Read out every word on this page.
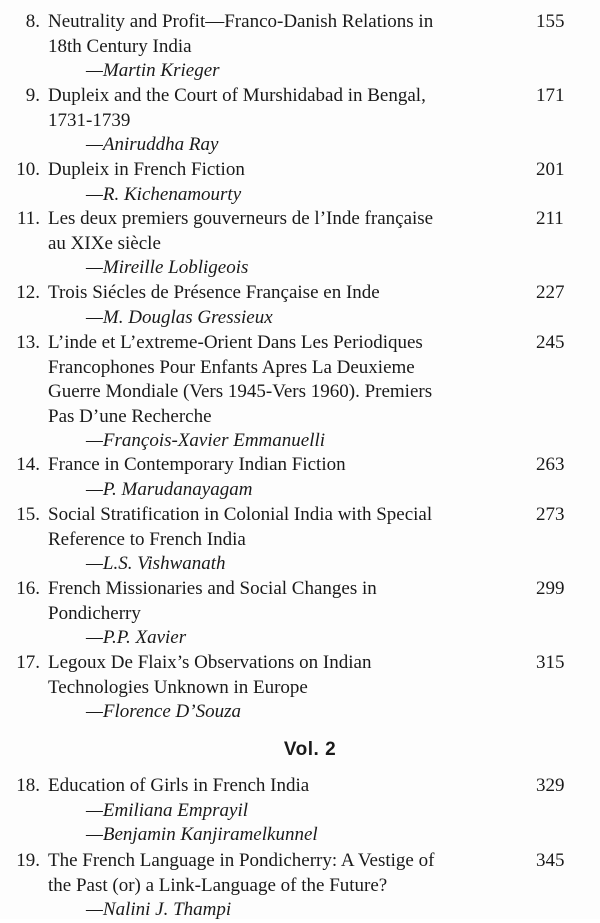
8. Neutrality and Profit—Franco-Danish Relations in
18th Century India
—Martin Krieger
155
9. Dupleix and the Court of Murshidabad in Bengal,
1731-1739
—Aniruddha Ray
171
10. Dupleix in French Fiction
—R. Kichenamourty
201
11. Les deux premiers gouverneurs de l’Inde française
au XIXe siècle
—Mireille Lobligeois
211
12. Trois Siécles de Présence Française en Inde
—M. Douglas Gressieux
227
13. L’inde et L’extreme-Orient Dans Les Periodiques
Francophones Pour Enfants Apres La Deuxieme
Guerre Mondiale (Vers 1945-Vers 1960). Premiers
Pas D’une Recherche
—François-Xavier Emmanuelli
245
14. France in Contemporary Indian Fiction
—P. Marudanayagam
263
15. Social Stratification in Colonial India with Special
Reference to French India
—L.S. Vishwanath
273
16. French Missionaries and Social Changes in
Pondicherry
—P.P. Xavier
299
17. Legoux De Flaix’s Observations on Indian
Technologies Unknown in Europe
—Florence D’Souza
315
Vol. 2
18. Education of Girls in French India
—Emiliana Emprayil
—Benjamin Kanjiramelkunnel
329
19. The French Language in Pondicherry: A Vestige of
the Past (or) a Link-Language of the Future?
—Nalini J. Thampi
345
